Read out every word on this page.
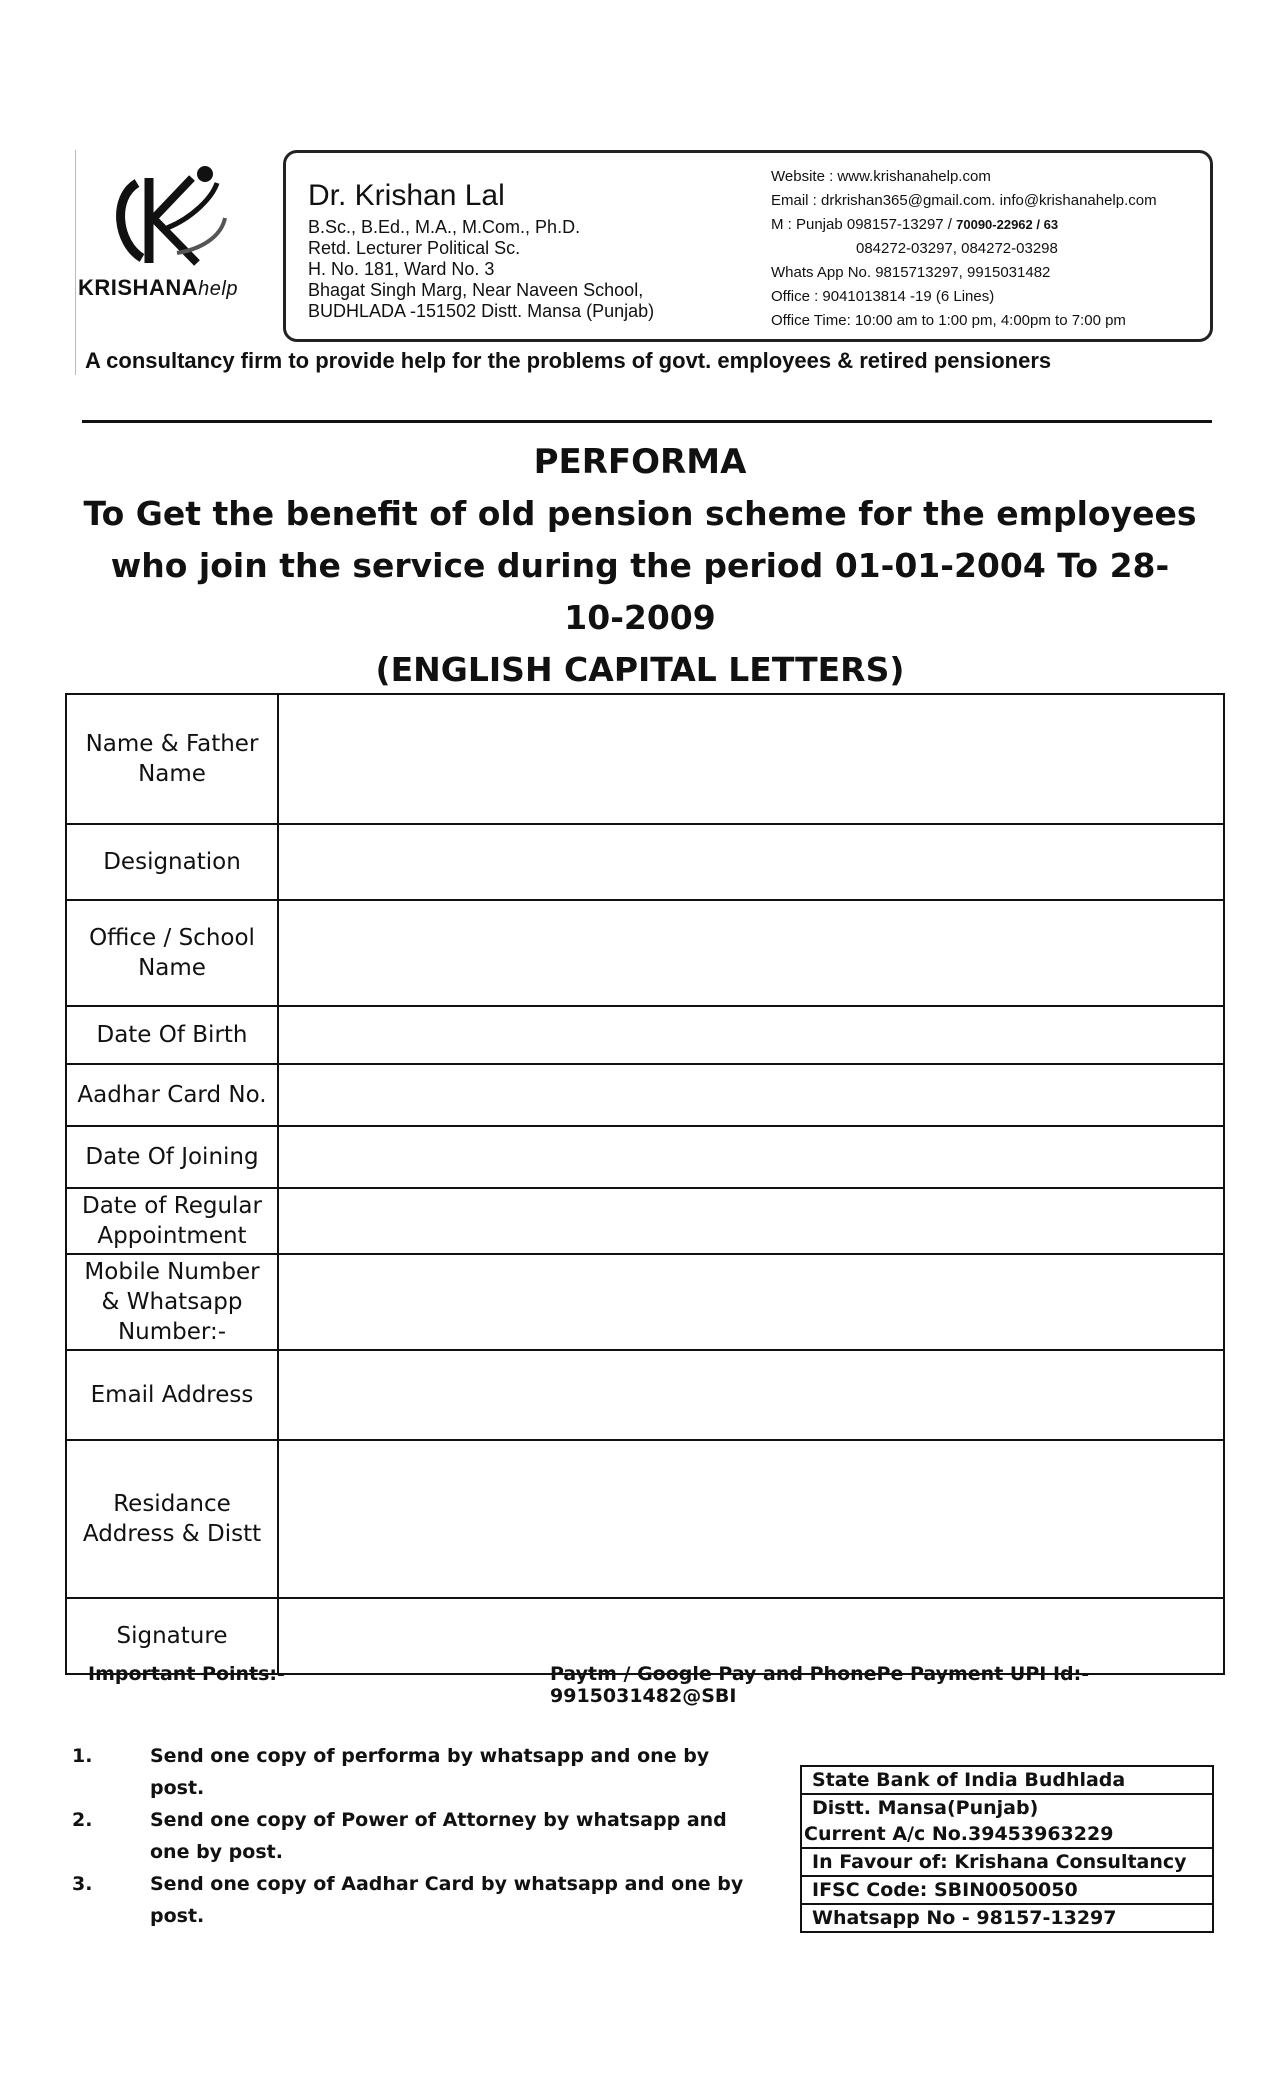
KRISHANAhelp
Dr. Krishan Lal
B.Sc., B.Ed., M.A., M.Com., Ph.D.
Retd. Lecturer Political Sc.
H. No. 181, Ward No. 3
Bhagat Singh Marg, Near Naveen School,
BUDHLADA -151502 Distt. Mansa (Punjab)
Website : www.krishanahelp.com
Email : drkrishan365@gmail.com. info@krishanahelp.com
M : Punjab 098157-13297 / 70090-22962 / 63
084272-03297, 084272-03298
Whats App No. 9815713297, 9915031482
Office : 9041013814 -19 (6 Lines)
Office Time: 10:00 am to 1:00 pm, 4:00pm to 7:00 pm
A consultancy firm to provide help for the problems of govt. employees & retired pensioners
PERFORMA
To Get the benefit of old pension scheme for the employees
who join the service during the period 01-01-2004 To 28-
10-2009
(ENGLISH CAPITAL LETTERS)
Name & Father Name	
Designation	
Office / School Name	
Date Of Birth	
Aadhar Card No.	
Date Of Joining	
Date of Regular Appointment	
Mobile Number & Whatsapp Number:-	
Email Address	
Residance Address & Distt	
Signature	
Important Points:-	Paytm / Google Pay and PhonePe Payment UPI Id:- 9915031482@SBI
1.	Send one copy of performa by whatsapp and one by post.
2.	Send one copy of Power of Attorney by whatsapp and one by post.
3.	Send one copy of Aadhar Card by whatsapp and one by post.
State Bank of India Budhlada
Distt. Mansa(Punjab)
Current A/c No.39453963229
In Favour of: Krishana Consultancy
IFSC Code: SBIN0050050
Whatsapp No - 98157-13297
